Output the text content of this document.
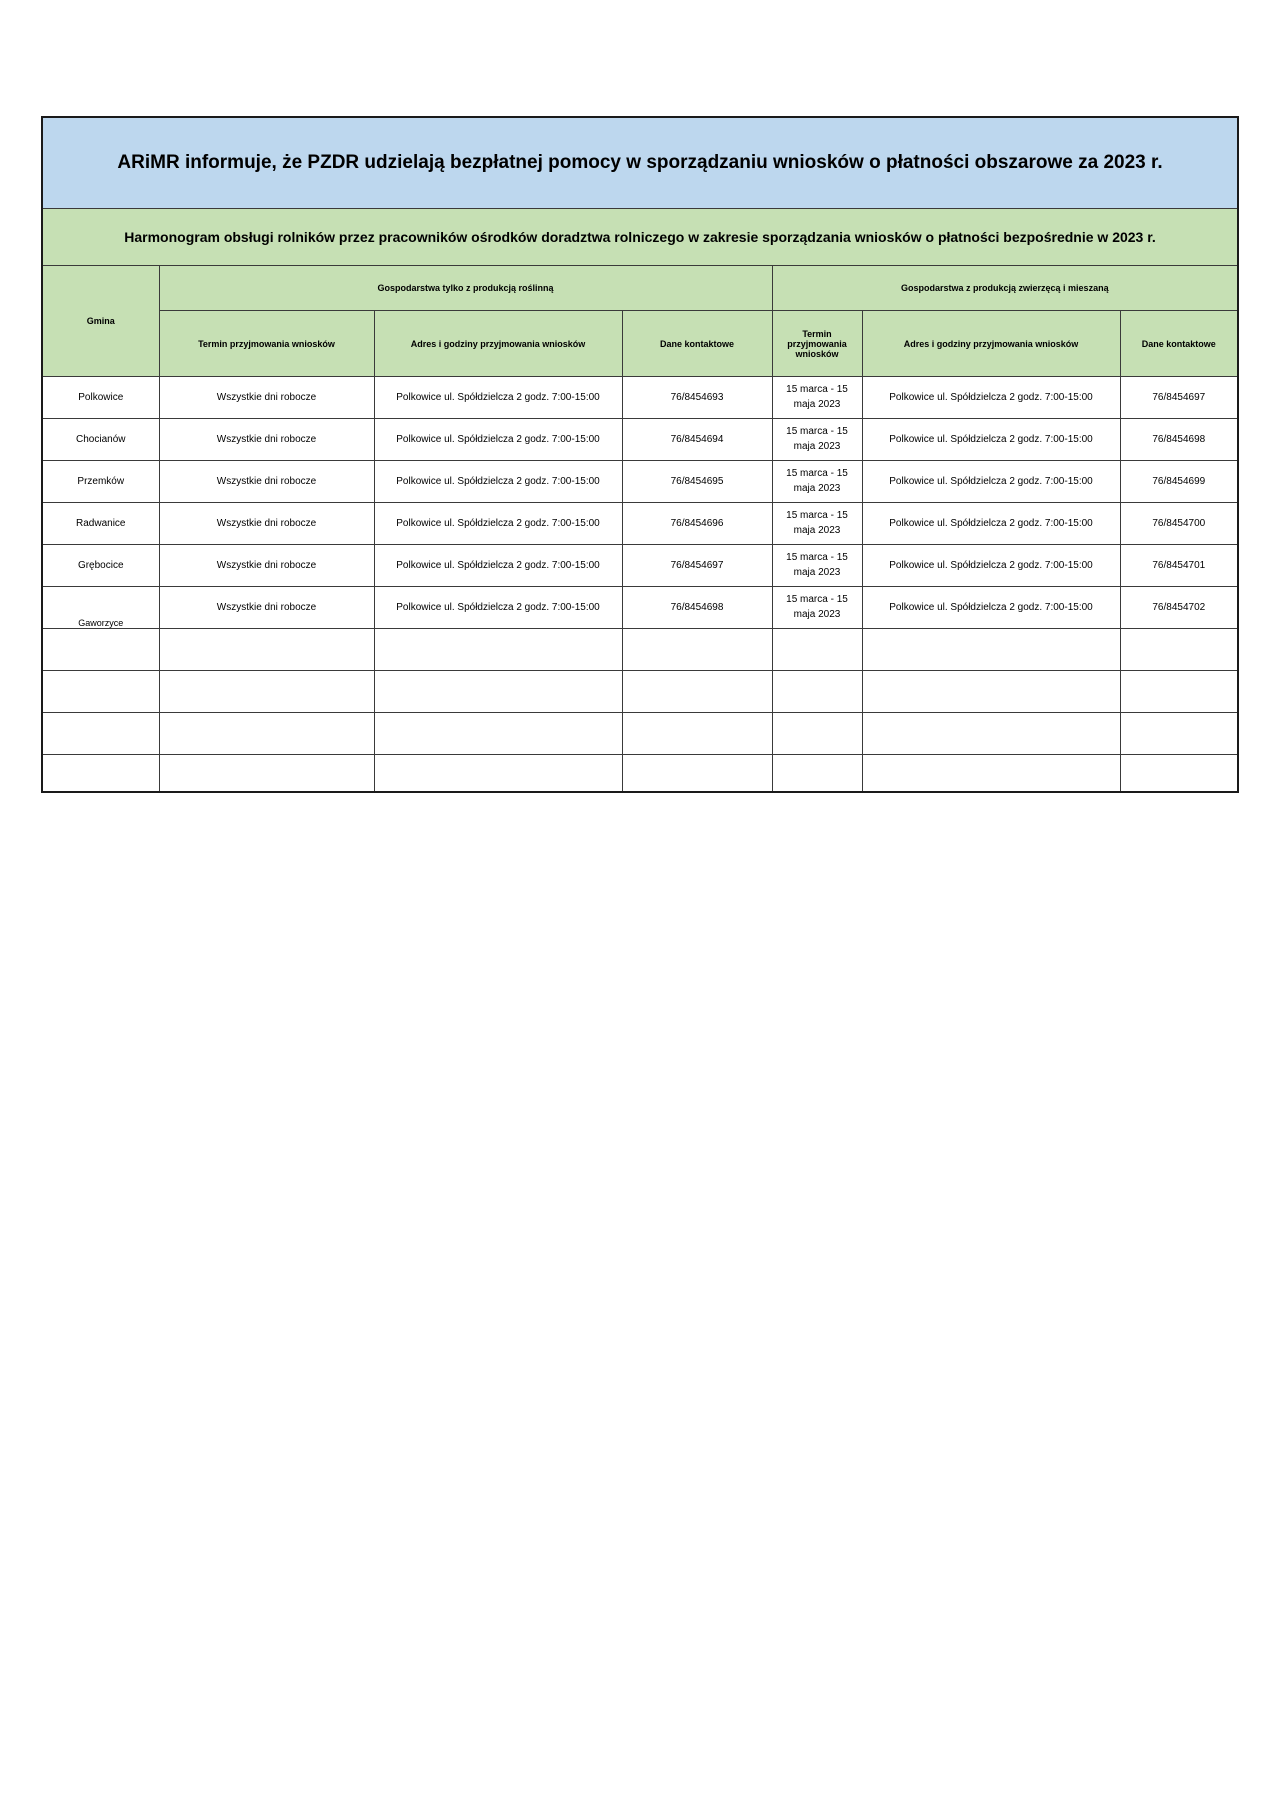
ARiMR informuje, że PZDR udzielają bezpłatnej pomocy w sporządzaniu wniosków o płatności obszarowe za 2023 r.						
Harmonogram obsługi rolników przez pracowników ośrodków doradztwa rolniczego w zakresie sporządzania wniosków o płatności bezpośrednie w 2023 r.						
Gmina	Gospodarstwa tylko z produkcją roślinną			Gospodarstwa z produkcją zwierzęcą i mieszaną		
	Termin przyjmowania wniosków	Adres i godziny przyjmowania wniosków	Dane kontaktowe	Termin przyjmowania wniosków	Adres i godziny przyjmowania wniosków	Dane kontaktowe
Polkowice	Wszystkie dni robocze	Polkowice ul. Spółdzielcza 2 godz. 7:00-15:00	76/8454693	15 marca - 15 maja 2023	Polkowice ul. Spółdzielcza 2 godz. 7:00-15:00	76/8454697
Chocianów	Wszystkie dni robocze	Polkowice ul. Spółdzielcza 2 godz. 7:00-15:00	76/8454694	15 marca - 15 maja 2023	Polkowice ul. Spółdzielcza 2 godz. 7:00-15:00	76/8454698
Przemków	Wszystkie dni robocze	Polkowice ul. Spółdzielcza 2 godz. 7:00-15:00	76/8454695	15 marca - 15 maja 2023	Polkowice ul. Spółdzielcza 2 godz. 7:00-15:00	76/8454699
Radwanice	Wszystkie dni robocze	Polkowice ul. Spółdzielcza 2 godz. 7:00-15:00	76/8454696	15 marca - 15 maja 2023	Polkowice ul. Spółdzielcza 2 godz. 7:00-15:00	76/8454700
Grębocice	Wszystkie dni robocze	Polkowice ul. Spółdzielcza 2 godz. 7:00-15:00	76/8454697	15 marca - 15 maja 2023	Polkowice ul. Spółdzielcza 2 godz. 7:00-15:00	76/8454701
Gaworzyce	Wszystkie dni robocze	Polkowice ul. Spółdzielcza 2 godz. 7:00-15:00	76/8454698	15 marca - 15 maja 2023	Polkowice ul. Spółdzielcza 2 godz. 7:00-15:00	76/8454702
